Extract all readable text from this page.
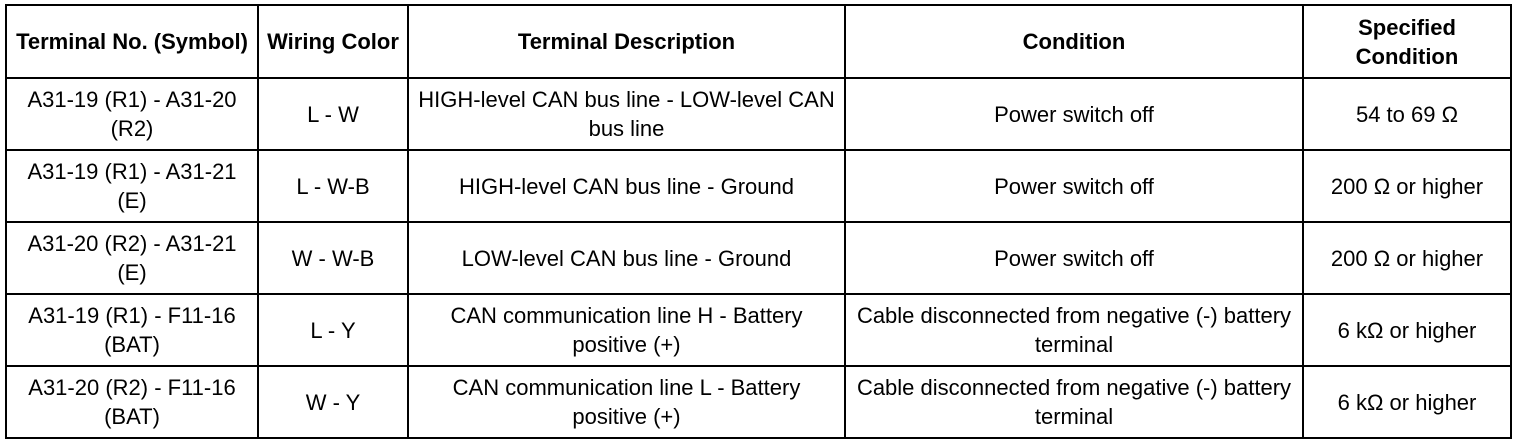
Terminal No. (Symbol)	Wiring Color	Terminal Description	Condition	Specified Condition
A31-19 (R1) - A31-20 (R2)	L - W	HIGH-level CAN bus line - LOW-level CAN bus line	Power switch off	54 to 69 Ω
A31-19 (R1) - A31-21 (E)	L - W-B	HIGH-level CAN bus line - Ground	Power switch off	200 Ω or higher
A31-20 (R2) - A31-21 (E)	W - W-B	LOW-level CAN bus line - Ground	Power switch off	200 Ω or higher
A31-19 (R1) - F11-16 (BAT)	L - Y	CAN communication line H - Battery positive (+)	Cable disconnected from negative (-) battery terminal	6 kΩ or higher
A31-20 (R2) - F11-16 (BAT)	W - Y	CAN communication line L - Battery positive (+)	Cable disconnected from negative (-) battery terminal	6 kΩ or higher
